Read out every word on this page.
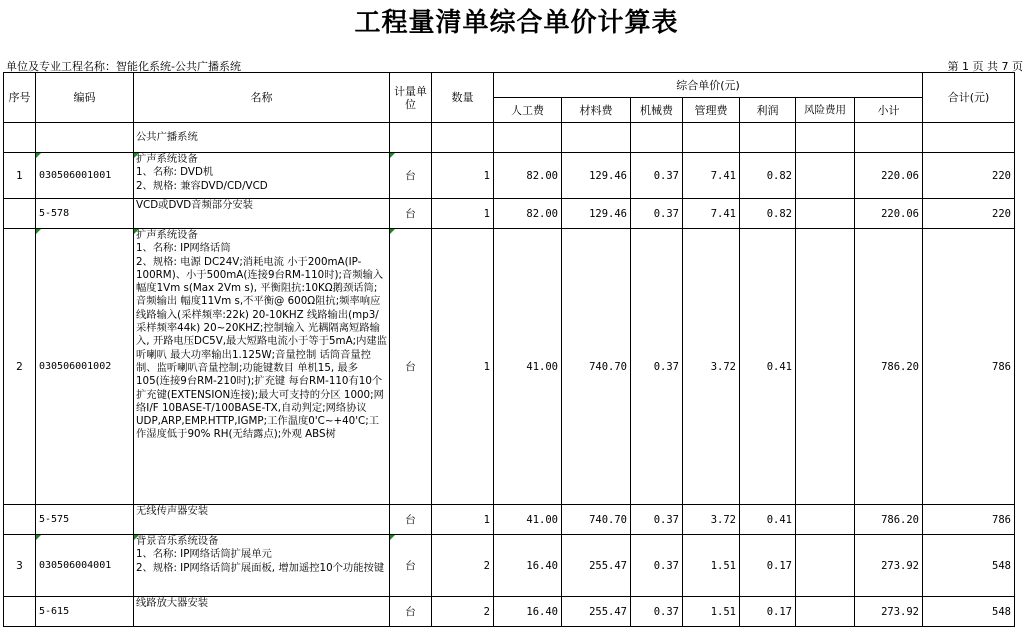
工程量清单综合单价计算表
单位及专业工程名称：智能化系统-公共广播系统	第 1 页 共 7 页
序号	编码	名称	计量单位	数量	综合单价(元)							合计(元)
					人工费	材料费	机械费	管理费	利润	风险费用	小计	
		公共广播系统										
1	030506001001	扩声系统设备
1、名称: DVD机
2、规格: 兼容DVD/CD/VCD	台	1	82.00	129.46	0.37	7.41	0.82		220.06	220
	5-578	VCD或DVD音频部分安装	台	1	82.00	129.46	0.37	7.41	0.82		220.06	220
2	030506001002	扩声系统设备
1、名称: IP网络话筒
2、规格: 电源 DC24V;消耗电流 小于200mA(IP-100RM)、小于500mA(连接9台RM-110时);音频输入 幅度1Vm s(Max 2Vm s), 平衡阻抗:10KΩ鹅颈话筒;音频输出 幅度11Vm s,不平衡@ 600Ω阻抗;频率响应 线路输入(采样频率:22k) 20-10KHZ 线路输出(mp3/采样频率44k) 20~20KHZ;控制输入 光耦隔离短路输入, 开路电压DC5V,最大短路电流小于等于5mA;内建监听喇叭 最大功率输出1.125W;音量控制 话筒音量控制、监听喇叭音量控制;功能键数目 单机15, 最多105(连接9台RM-210时);扩充键 每台RM-110有10个扩充键(EXTENSION连接);最大可支持的分区 1000;网络I/F 10BASE-T/100BASE-TX,自动判定;网络协议UDP,ARP,EMP.HTTP,IGMP;工作温度0'C~+40'C;工作湿度低于90% RH(无结露点);外观 ABS树	台	1	41.00	740.70	0.37	3.72	0.41		786.20	786
	5-575	无线传声器安装	台	1	41.00	740.70	0.37	3.72	0.41		786.20	786
3	030506004001	背景音乐系统设备
1、名称: IP网络话筒扩展单元
2、规格: IP网络话筒扩展面板, 增加遥控10个功能按键	台	2	16.40	255.47	0.37	1.51	0.17		273.92	548
	5-615	线路放大器安装	台	2	16.40	255.47	0.37	1.51	0.17		273.92	548
